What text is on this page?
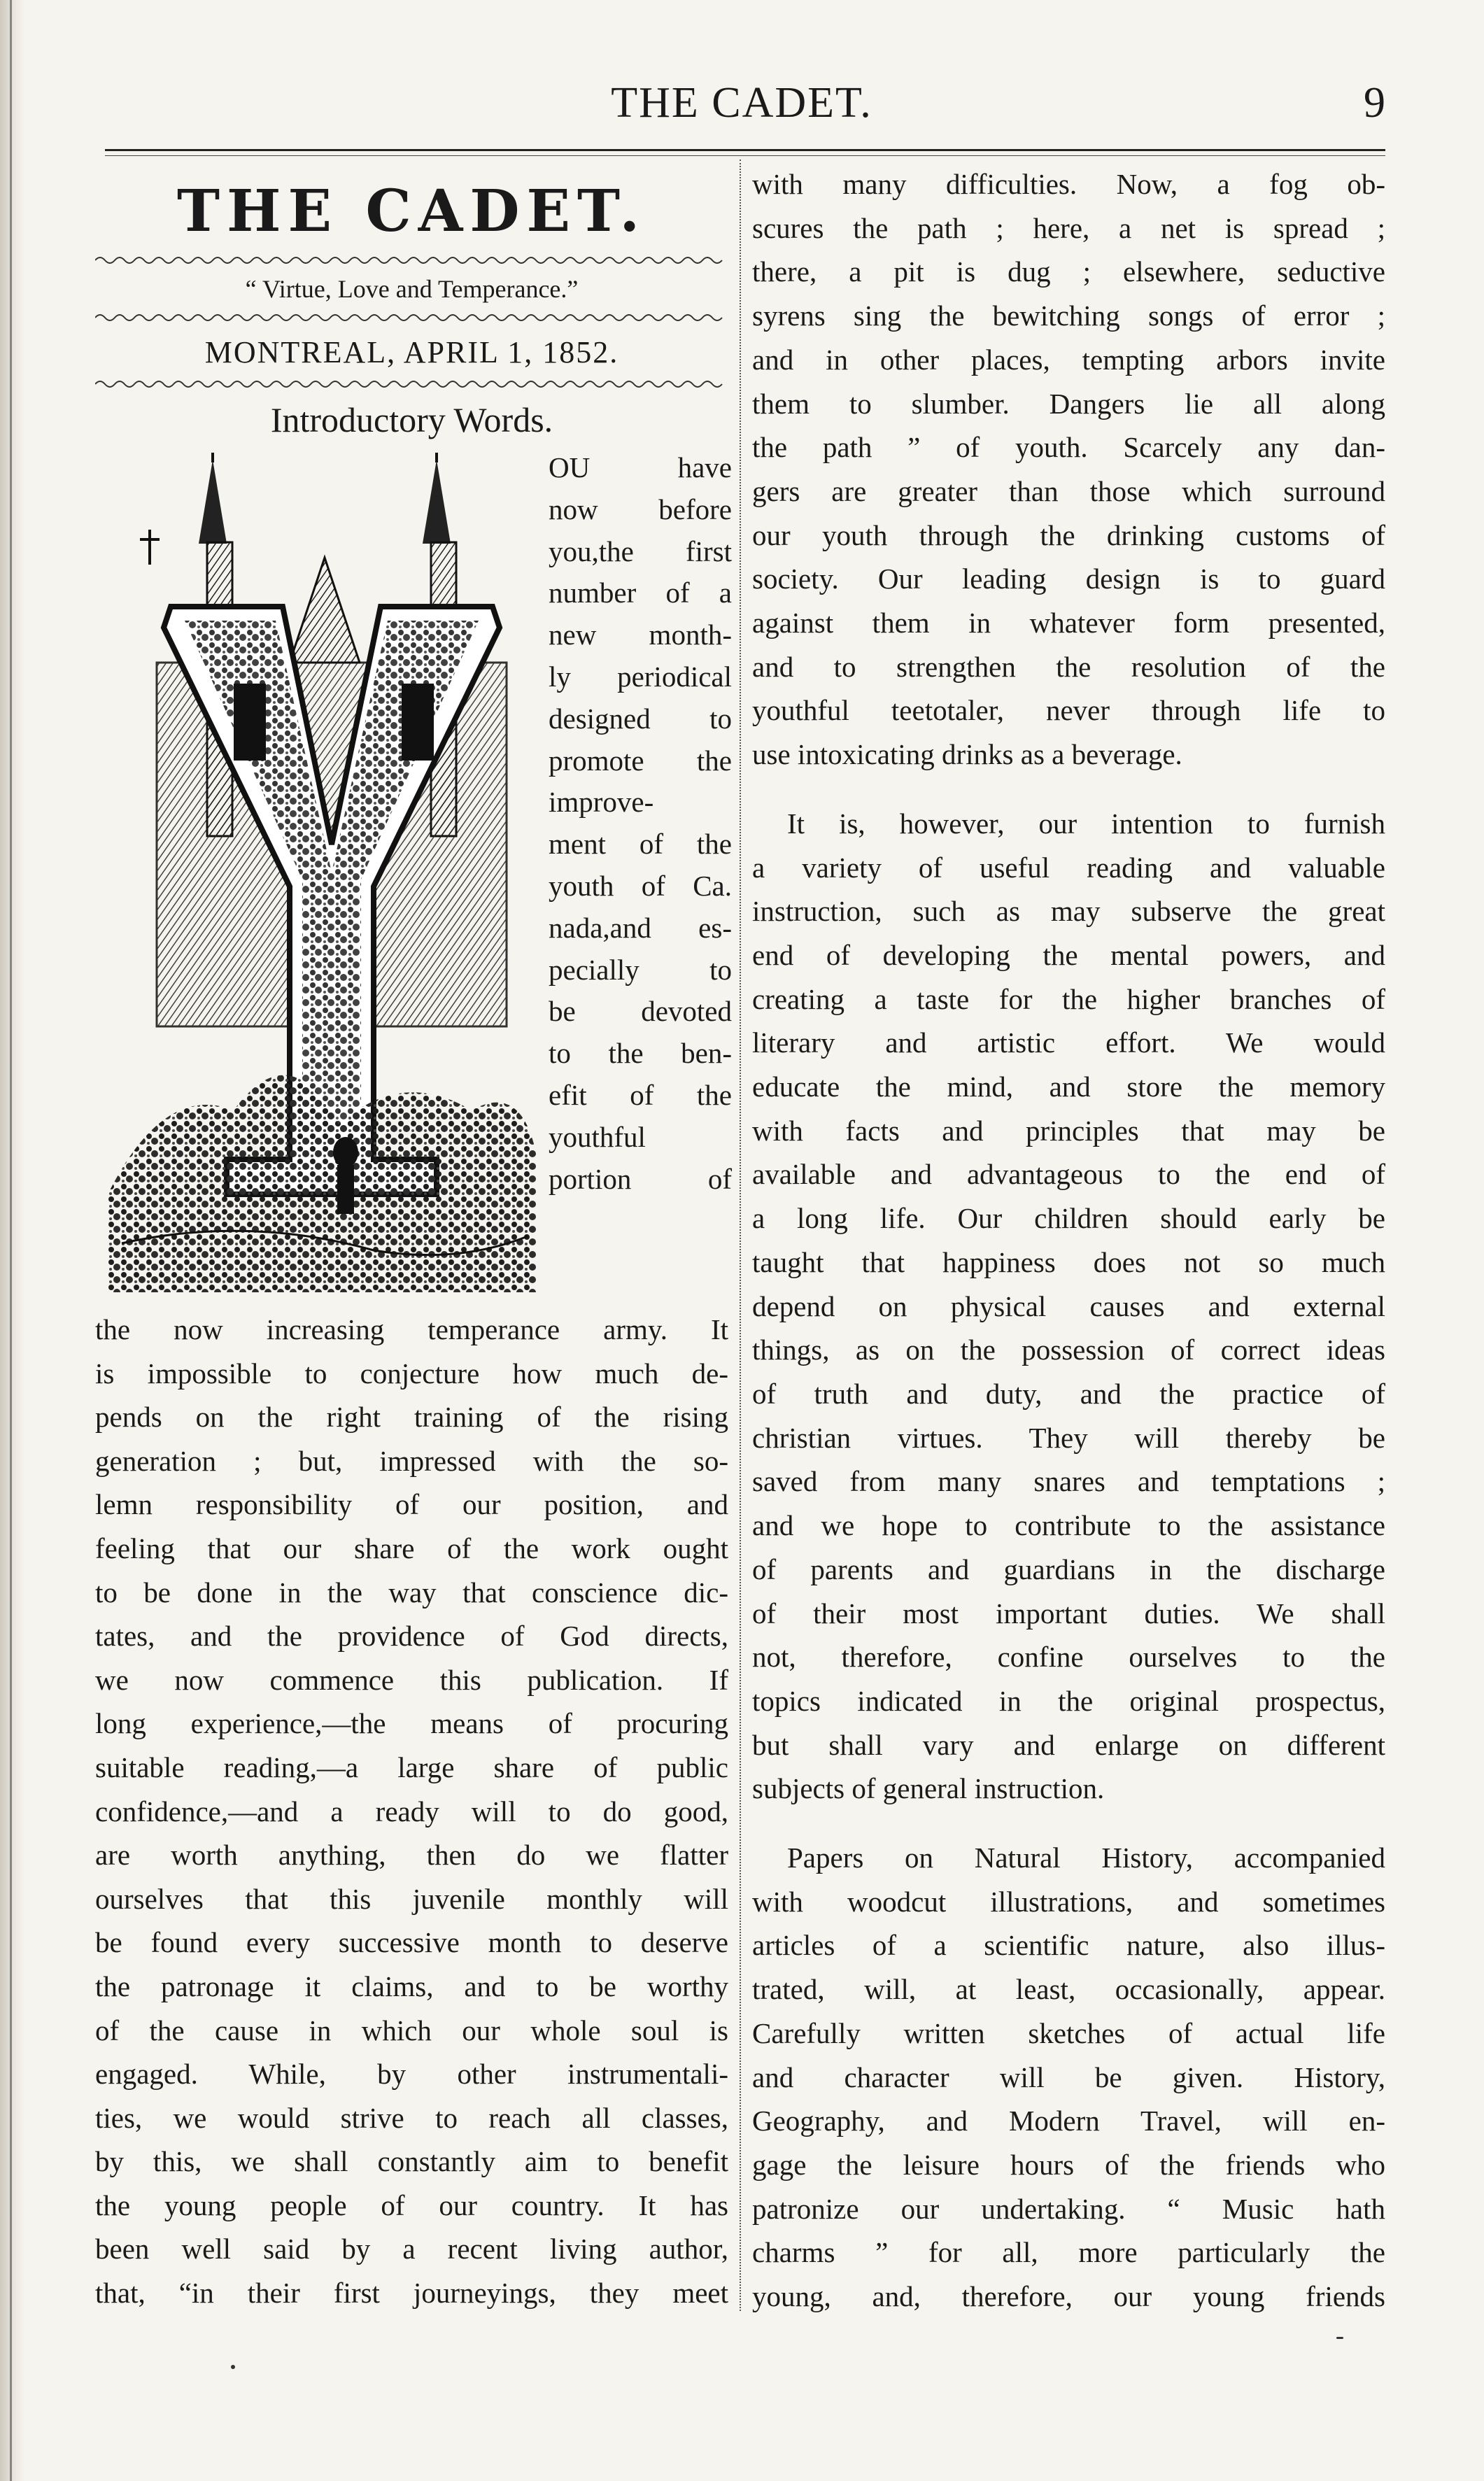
THE CADET.	9
THE CADET.
“ Virtue, Love and Temperance.”
MONTREAL, APRIL 1, 1852.
Introductory Words.
OU have
now before
you,the first
number of a
new month-
ly periodical
designed to
promote the
improve-
ment of the
youth of Ca.
nada,and es-
pecially to
be devoted
to the ben-
efit of the
youthful
portion of
the now increasing temperance army. It
is impossible to conjecture how much de-
pends on the right training of the rising
generation ; but, impressed with the so-
lemn responsibility of our position, and
feeling that our share of the work ought
to be done in the way that conscience dic-
tates, and the providence of God directs,
we now commence this publication. If
long experience,—the means of procuring
suitable reading,—a large share of public
confidence,—and a ready will to do good,
are worth anything, then do we flatter
ourselves that this juvenile monthly will
be found every successive month to deserve
the patronage it claims, and to be worthy
of the cause in which our whole soul is
engaged. While, by other instrumentali-
ties, we would strive to reach all classes,
by this, we shall constantly aim to benefit
the young people of our country. It has
been well said by a recent living author,
that, “in their first journeyings, they meet
with many difficulties. Now, a fog ob-
scures the path ; here, a net is spread ;
there, a pit is dug ; elsewhere, seductive
syrens sing the bewitching songs of error ;
and in other places, tempting arbors invite
them to slumber. Dangers lie all along
the path ” of youth. Scarcely any dan-
gers are greater than those which surround
our youth through the drinking customs of
society. Our leading design is to guard
against them in whatever form presented,
and to strengthen the resolution of the
youthful teetotaler, never through life to
use intoxicating drinks as a beverage.
It is, however, our intention to furnish
a variety of useful reading and valuable
instruction, such as may subserve the great
end of developing the mental powers, and
creating a taste for the higher branches of
literary and artistic effort. We would
educate the mind, and store the memory
with facts and principles that may be
available and advantageous to the end of
a long life. Our children should early be
taught that happiness does not so much
depend on physical causes and external
things, as on the possession of correct ideas
of truth and duty, and the practice of
christian virtues. They will thereby be
saved from many snares and temptations ;
and we hope to contribute to the assistance
of parents and guardians in the discharge
of their most important duties. We shall
not, therefore, confine ourselves to the
topics indicated in the original prospectus,
but shall vary and enlarge on different
subjects of general instruction.
Papers on Natural History, accompanied
with woodcut illustrations, and sometimes
articles of a scientific nature, also illus-
trated, will, at least, occasionally, appear.
Carefully written sketches of actual life
and character will be given. History,
Geography, and Modern Travel, will en-
gage the leisure hours of the friends who
patronize our undertaking. “ Music hath
charms ” for all, more particularly the
young, and, therefore, our young friends
